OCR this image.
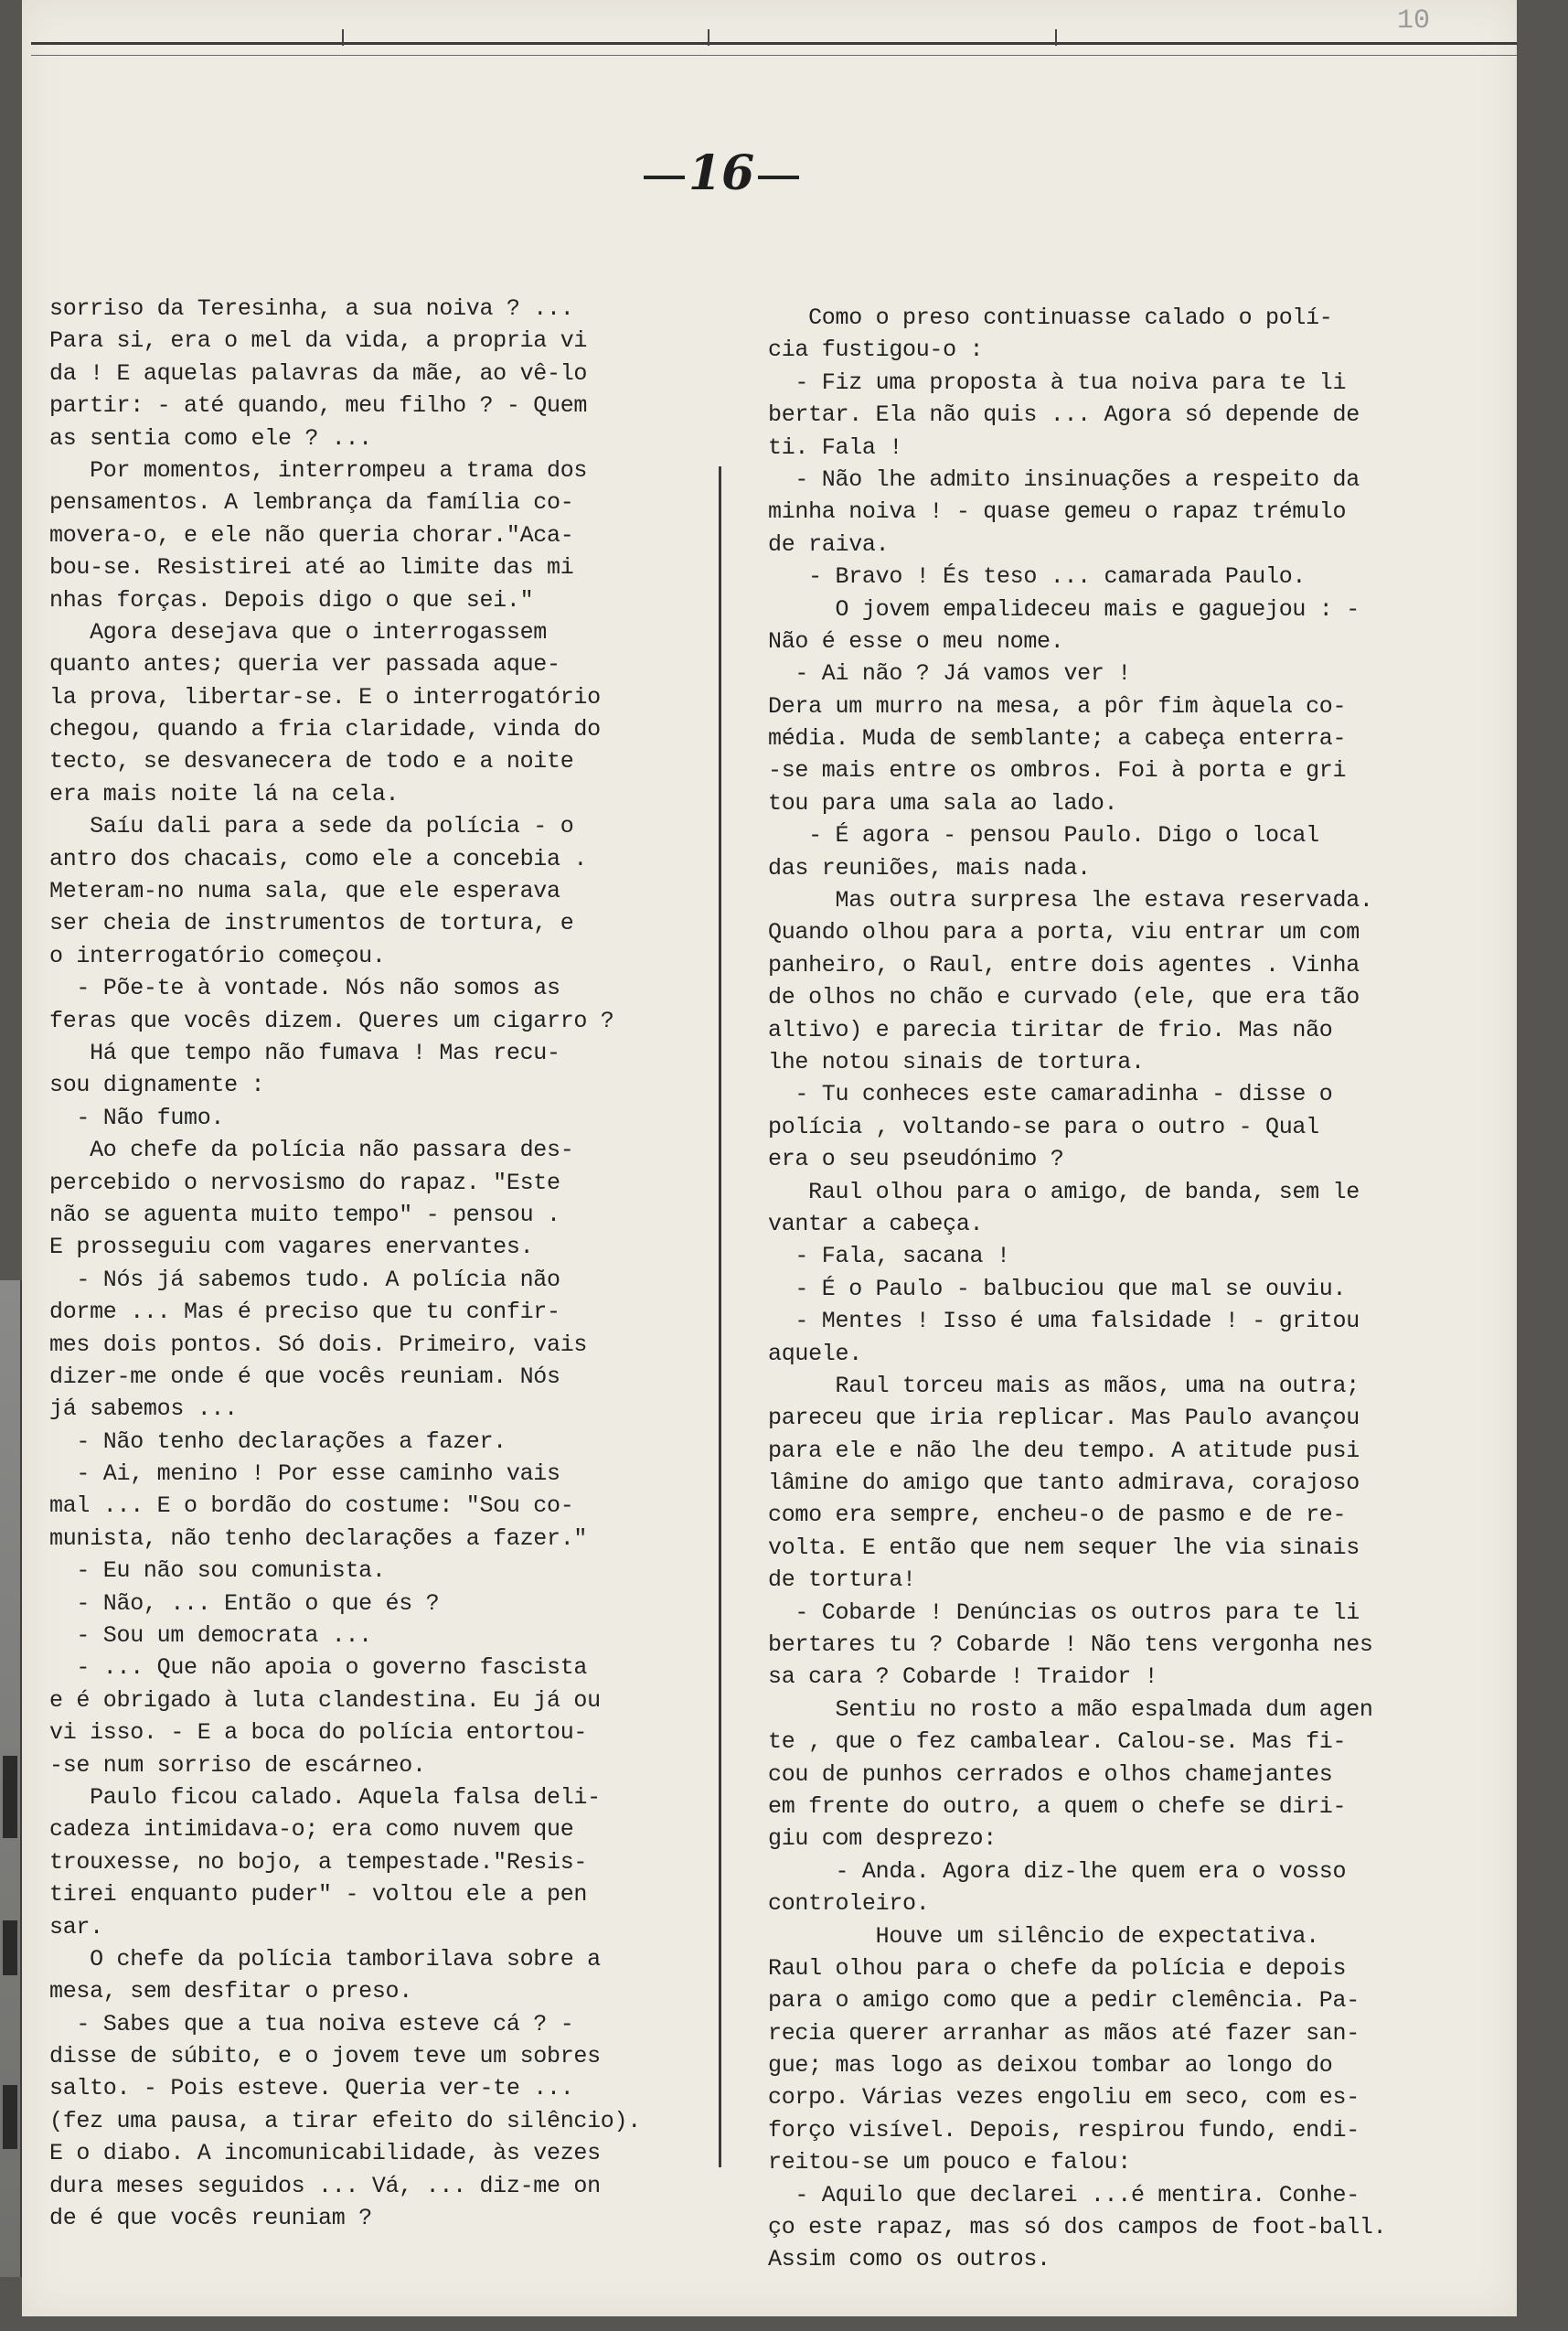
10
16
sorriso da Teresinha, a sua noiva ? ...
Para si, era o mel da vida, a propria vi
da ! E aquelas palavras da mãe, ao vê-lo
partir: - até quando, meu filho ? - Quem
as sentia como ele ? ...
Por momentos, interrompeu a trama dos
pensamentos. A lembrança da família co-
movera-o, e ele não queria chorar."Aca-
bou-se. Resistirei até ao limite das mi
nhas forças. Depois digo o que sei."
Agora desejava que o interrogassem
quanto antes; queria ver passada aque-
la prova, libertar-se. E o interrogatório
chegou, quando a fria claridade, vinda do
tecto, se desvanecera de todo e a noite
era mais noite lá na cela.
Saíu dali para a sede da polícia - o
antro dos chacais, como ele a concebia .
Meteram-no numa sala, que ele esperava
ser cheia de instrumentos de tortura, e
o interrogatório começou.
- Põe-te à vontade. Nós não somos as
feras que vocês dizem. Queres um cigarro ?
Há que tempo não fumava ! Mas recu-
sou dignamente :
- Não fumo.
Ao chefe da polícia não passara des-
percebido o nervosismo do rapaz. "Este
não se aguenta muito tempo" - pensou .
E prosseguiu com vagares enervantes.
- Nós já sabemos tudo. A polícia não
dorme ... Mas é preciso que tu confir-
mes dois pontos. Só dois. Primeiro, vais
dizer-me onde é que vocês reuniam. Nós
já sabemos ...
- Não tenho declarações a fazer.
- Ai, menino ! Por esse caminho vais
mal ... E o bordão do costume: "Sou co-
munista, não tenho declarações a fazer."
- Eu não sou comunista.
- Não, ... Então o que és ?
- Sou um democrata ...
- ... Que não apoia o governo fascista
e é obrigado à luta clandestina. Eu já ou
vi isso. - E a boca do polícia entortou-
-se num sorriso de escárneo.
Paulo ficou calado. Aquela falsa deli-
cadeza intimidava-o; era como nuvem que
trouxesse, no bojo, a tempestade."Resis-
tirei enquanto puder" - voltou ele a pen
sar.
O chefe da polícia tamborilava sobre a
mesa, sem desfitar o preso.
- Sabes que a tua noiva esteve cá ? -
disse de súbito, e o jovem teve um sobres
salto. - Pois esteve. Queria ver-te ...
(fez uma pausa, a tirar efeito do silêncio).
E o diabo. A incomunicabilidade, às vezes
dura meses seguidos ... Vá, ... diz-me on
de é que vocês reuniam ?
Como o preso continuasse calado o polí-
cia fustigou-o :
- Fiz uma proposta à tua noiva para te li
bertar. Ela não quis ... Agora só depende de
ti. Fala !
- Não lhe admito insinuações a respeito da
minha noiva ! - quase gemeu o rapaz trémulo
de raiva.
- Bravo ! És teso ... camarada Paulo.
O jovem empalideceu mais e gaguejou : -
Não é esse o meu nome.
- Ai não ? Já vamos ver !
Dera um murro na mesa, a pôr fim àquela co-
média. Muda de semblante; a cabeça enterra-
-se mais entre os ombros. Foi à porta e gri
tou para uma sala ao lado.
- É agora - pensou Paulo. Digo o local
das reuniões, mais nada.
Mas outra surpresa lhe estava reservada.
Quando olhou para a porta, viu entrar um com
panheiro, o Raul, entre dois agentes . Vinha
de olhos no chão e curvado (ele, que era tão
altivo) e parecia tiritar de frio. Mas não
lhe notou sinais de tortura.
- Tu conheces este camaradinha - disse o
polícia , voltando-se para o outro - Qual
era o seu pseudónimo ?
Raul olhou para o amigo, de banda, sem le
vantar a cabeça.
- Fala, sacana !
- É o Paulo - balbuciou que mal se ouviu.
- Mentes ! Isso é uma falsidade ! - gritou
aquele.
Raul torceu mais as mãos, uma na outra;
pareceu que iria replicar. Mas Paulo avançou
para ele e não lhe deu tempo. A atitude pusi
lâmine do amigo que tanto admirava, corajoso
como era sempre, encheu-o de pasmo e de re-
volta. E então que nem sequer lhe via sinais
de tortura!
- Cobarde ! Denúncias os outros para te li
bertares tu ? Cobarde ! Não tens vergonha nes
sa cara ? Cobarde ! Traidor !
Sentiu no rosto a mão espalmada dum agen
te , que o fez cambalear. Calou-se. Mas fi-
cou de punhos cerrados e olhos chamejantes
em frente do outro, a quem o chefe se diri-
giu com desprezo:
- Anda. Agora diz-lhe quem era o vosso
controleiro.
Houve um silêncio de expectativa.
Raul olhou para o chefe da polícia e depois
para o amigo como que a pedir clemência. Pa-
recia querer arranhar as mãos até fazer san-
gue; mas logo as deixou tombar ao longo do
corpo. Várias vezes engoliu em seco, com es-
forço visível. Depois, respirou fundo, endi-
reitou-se um pouco e falou:
- Aquilo que declarei ...é mentira. Conhe-
ço este rapaz, mas só dos campos de foot-ball.
Assim como os outros.
